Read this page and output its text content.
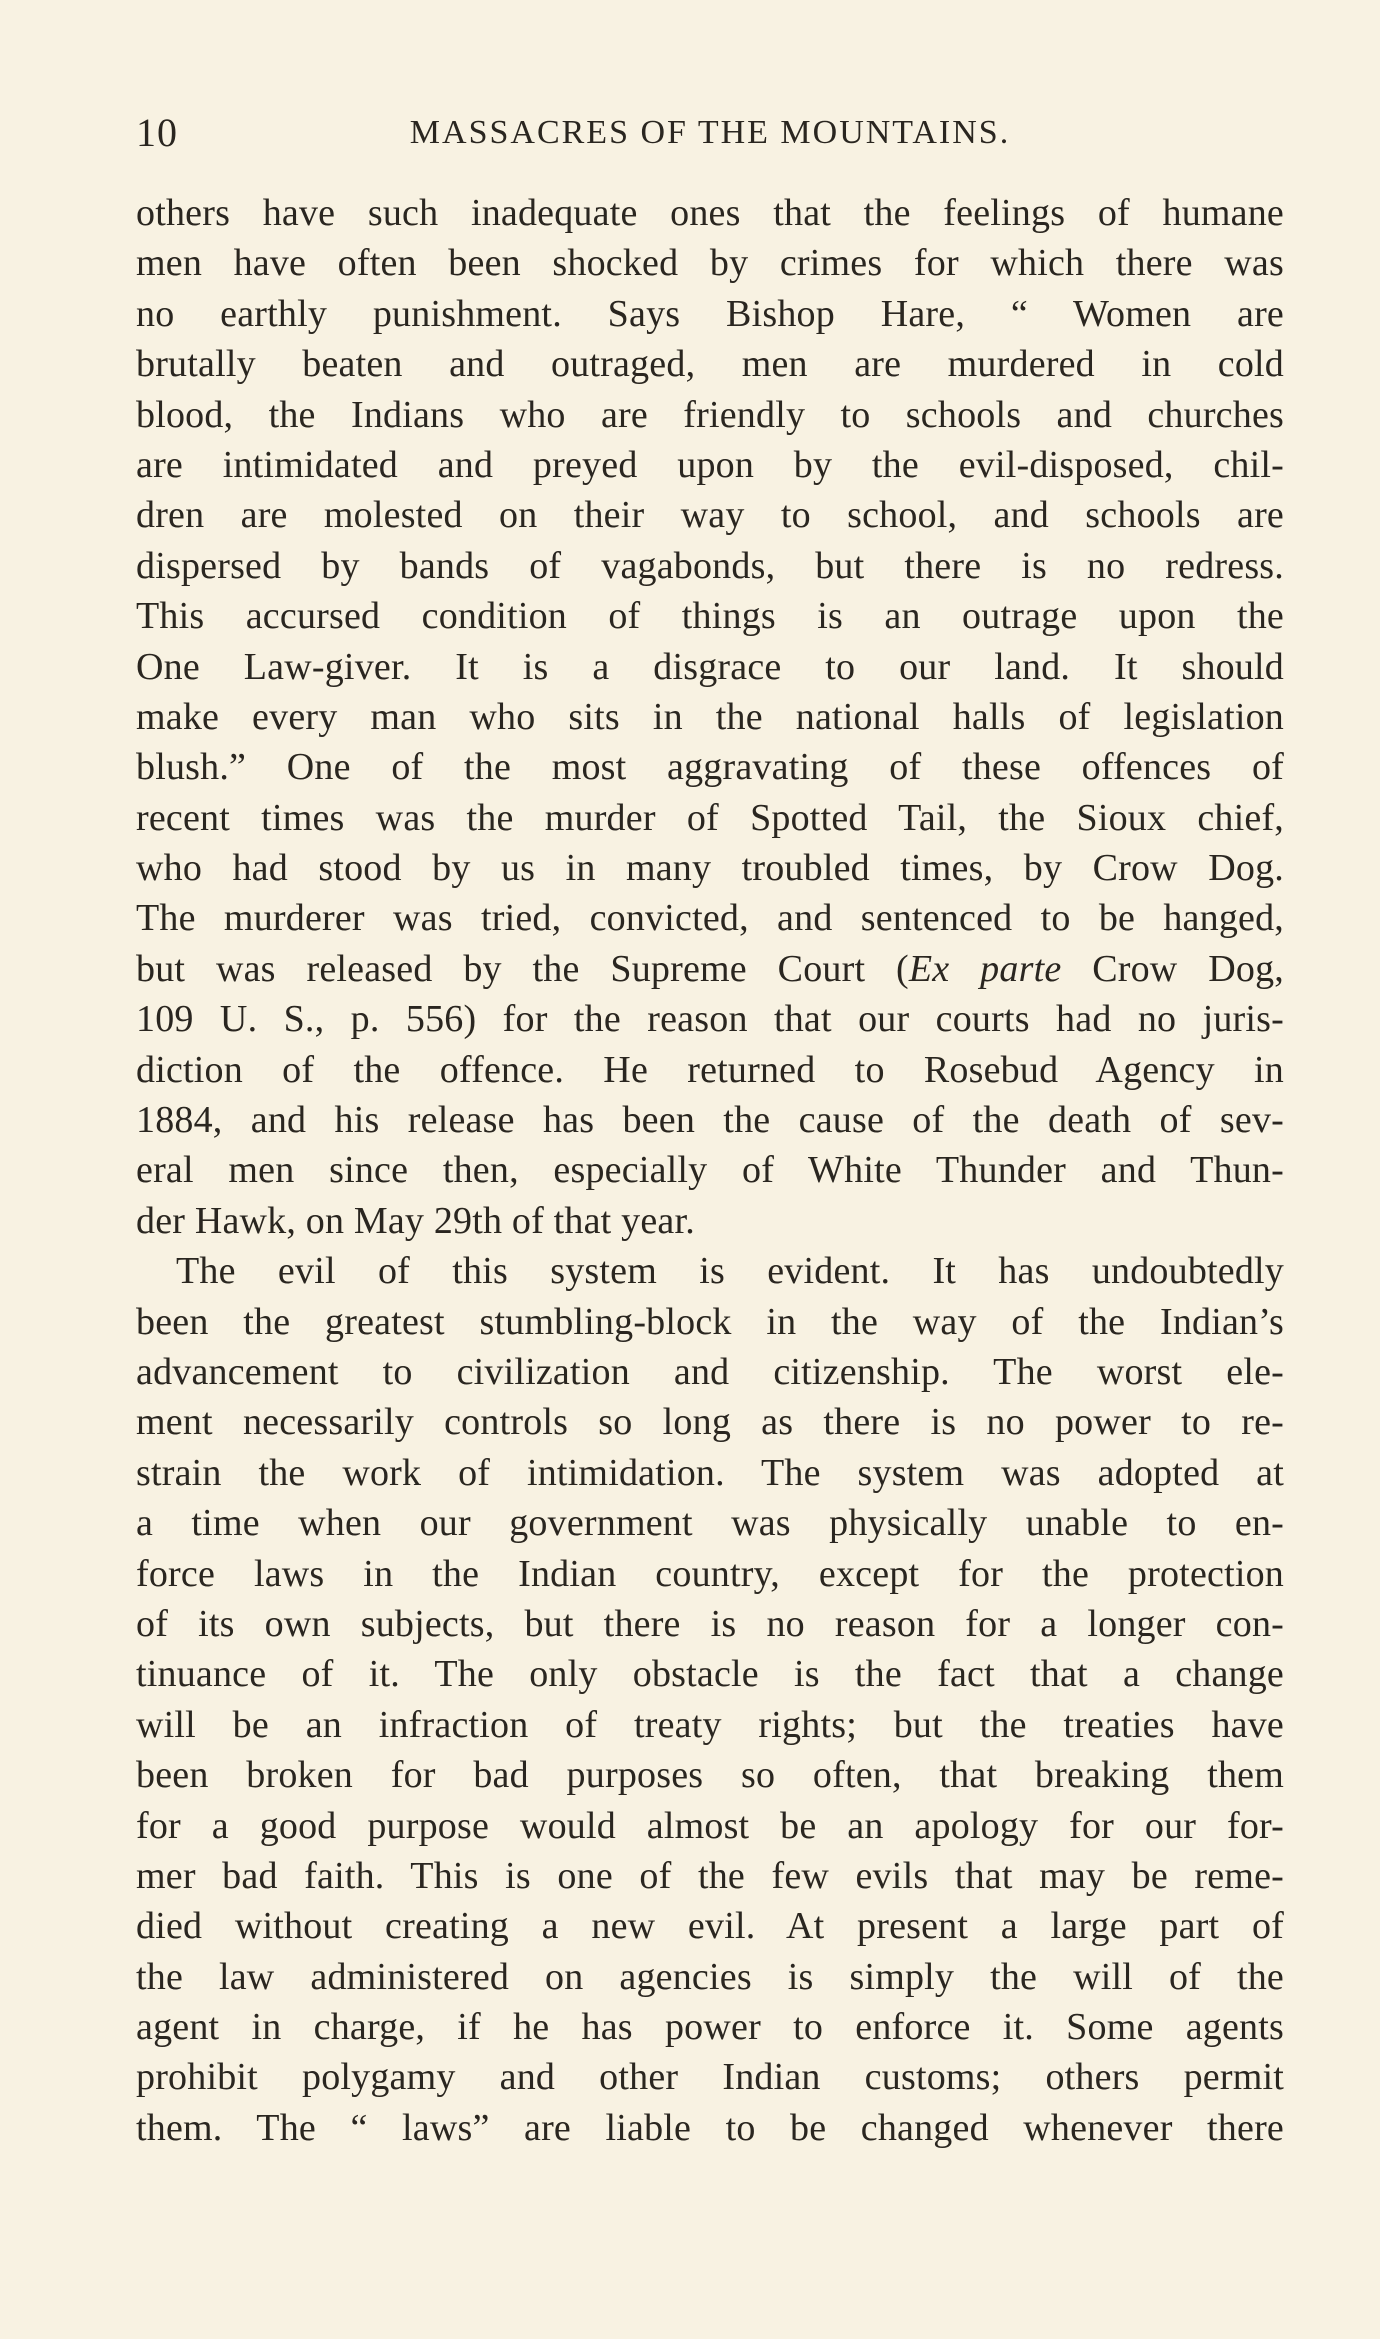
10	MASSACRES OF THE MOUNTAINS.
others have such inadequate ones that the feelings of humane
men have often been shocked by crimes for which there was
no earthly punishment. Says Bishop Hare, “ Women are
brutally beaten and outraged, men are murdered in cold
blood, the Indians who are friendly to schools and churches
are intimidated and preyed upon by the evil-disposed, chil-
dren are molested on their way to school, and schools are
dispersed by bands of vagabonds, but there is no redress.
This accursed condition of things is an outrage upon the
One Law-giver. It is a disgrace to our land. It should
make every man who sits in the national halls of legislation
blush.” One of the most aggravating of these offences of
recent times was the murder of Spotted Tail, the Sioux chief,
who had stood by us in many troubled times, by Crow Dog.
The murderer was tried, convicted, and sentenced to be hanged,
but was released by the Supreme Court (Ex parte Crow Dog,
109 U. S., p. 556) for the reason that our courts had no juris-
diction of the offence. He returned to Rosebud Agency in
1884, and his release has been the cause of the death of sev-
eral men since then, especially of White Thunder and Thun-
der Hawk, on May 29th of that year.
The evil of this system is evident. It has undoubtedly
been the greatest stumbling-block in the way of the Indian’s
advancement to civilization and citizenship. The worst ele-
ment necessarily controls so long as there is no power to re-
strain the work of intimidation. The system was adopted at
a time when our government was physically unable to en-
force laws in the Indian country, except for the protection
of its own subjects, but there is no reason for a longer con-
tinuance of it. The only obstacle is the fact that a change
will be an infraction of treaty rights; but the treaties have
been broken for bad purposes so often, that breaking them
for a good purpose would almost be an apology for our for-
mer bad faith. This is one of the few evils that may be reme-
died without creating a new evil. At present a large part of
the law administered on agencies is simply the will of the
agent in charge, if he has power to enforce it. Some agents
prohibit polygamy and other Indian customs; others permit
them. The “ laws” are liable to be changed whenever there
